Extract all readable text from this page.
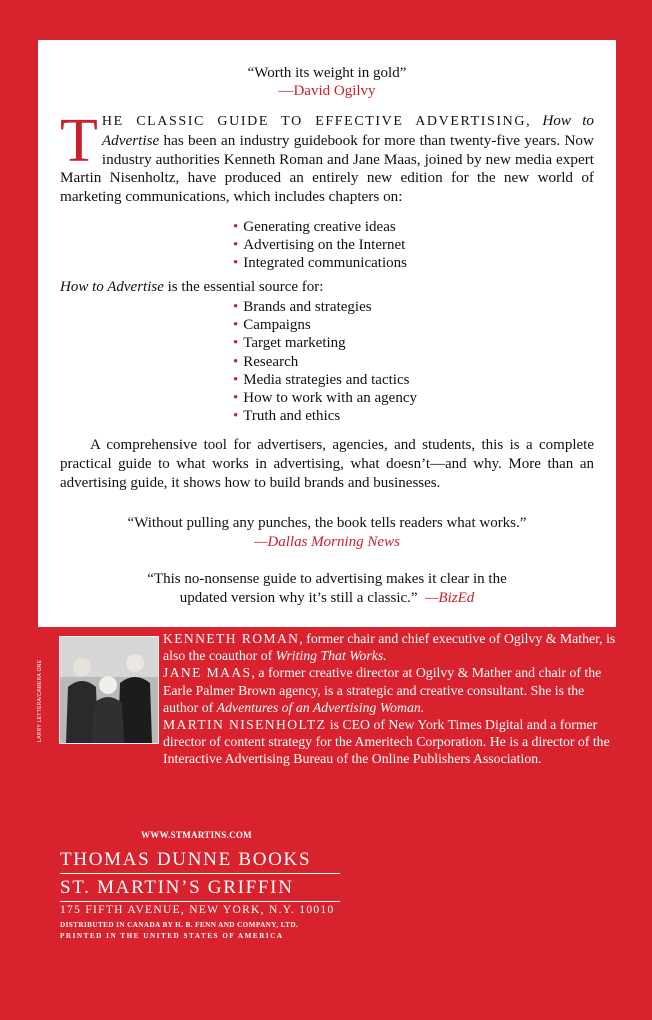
“Worth its weight in gold”
—David Ogilvy
THE CLASSIC GUIDE TO EFFECTIVE ADVERTISING, How to Advertise has been an industry guidebook for more than twenty-five years. Now industry authorities Kenneth Roman and Jane Maas, joined by new media expert Martin Nisenholtz, have produced an entirely new edition for the new world of marketing communications, which includes chapters on:
• Generating creative ideas
• Advertising on the Internet
• Integrated communications
How to Advertise is the essential source for:
• Brands and strategies
• Campaigns
• Target marketing
• Research
• Media strategies and tactics
• How to work with an agency
• Truth and ethics
A comprehensive tool for advertisers, agencies, and students, this is a complete practical guide to what works in advertising, what doesn’t—and why. More than an advertising guide, it shows how to build brands and businesses.
“Without pulling any punches, the book tells readers what works.”
—Dallas Morning News
“This no-nonsense guide to advertising makes it clear in the
updated version why it’s still a classic.” —BizEd
LARRY LETTERA/CAMERA ONE
KENNETH ROMAN, former chair and chief executive of Ogilvy & Mather, is also the coauthor of Writing That Works.
JANE MAAS, a former creative director at Ogilvy & Mather and chair of the Earle Palmer Brown agency, is a strategic and creative consultant. She is the author of Adventures of an Advertising Woman.
MARTIN NISENHOLTZ is CEO of New York Times Digital and a former director of content strategy for the Ameritech Corporation. He is a director of the Interactive Advertising Bureau of the Online Publishers Association.
WWW.STMARTINS.COM
THOMAS DUNNE BOOKS
ST. MARTIN’S GRIFFIN
175 FIFTH AVENUE, NEW YORK, N.Y. 10010
DISTRIBUTED IN CANADA BY H. B. FENN AND COMPANY, LTD.
PRINTED IN THE UNITED STATES OF AMERICA
